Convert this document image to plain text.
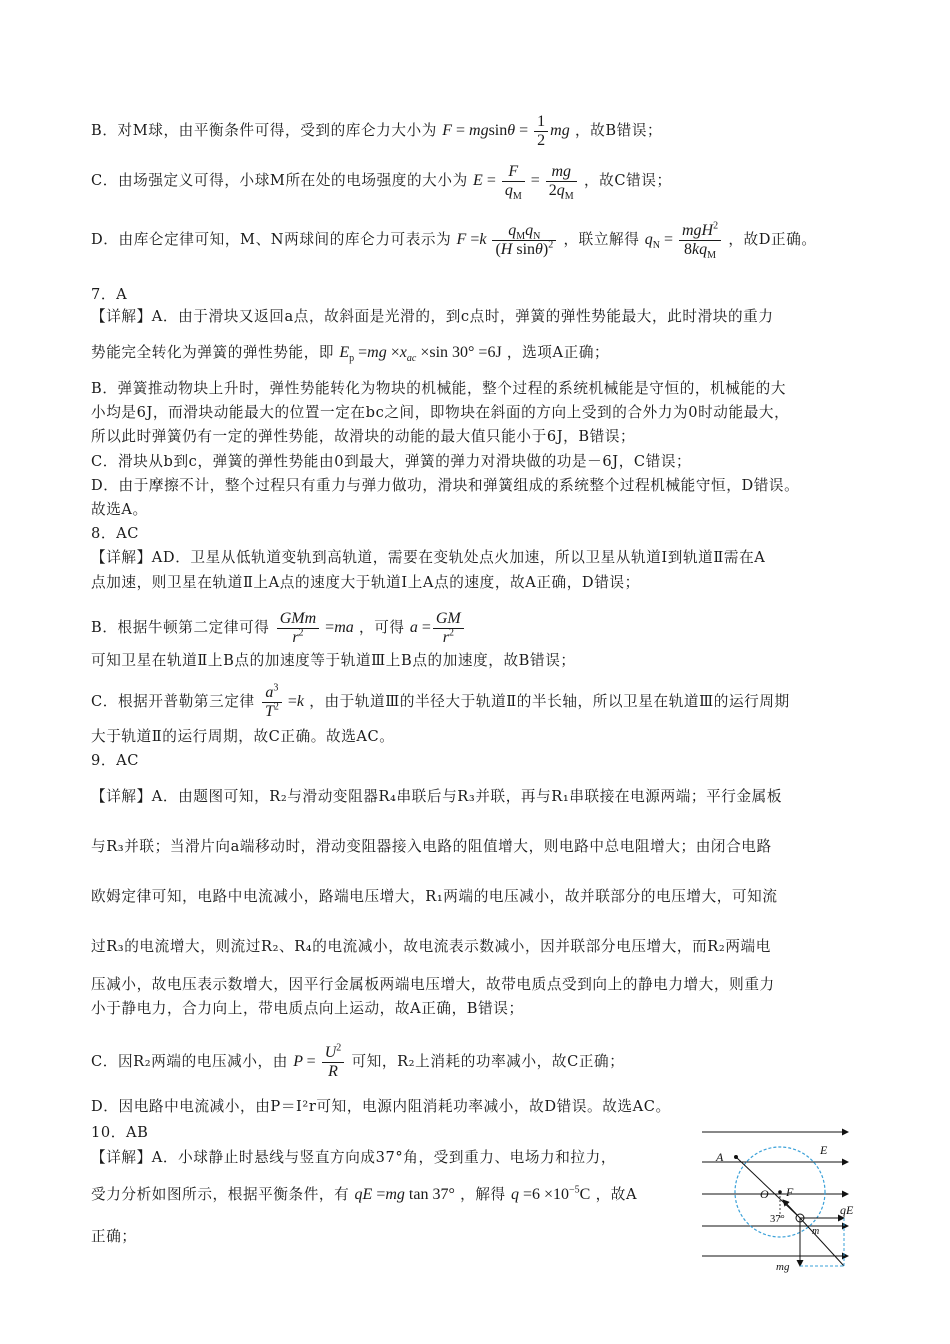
B．对M球，由平衡条件可得，受到的库仑力大小为 $F = mgsin\theta = \frac{1}{2}$ mg ，故B错误；
C．由场强定义可得，小球M所在处的电场强度的大小为 $E = \frac{F}{q_M} = \frac{mg}{2q_M}$ ，故C错误；
D．由库仑定律可知，M、N两球间的库仑力可表示为 $F =k \frac{q_Mq_N}{(H \sin\theta)^2}$ ，联立解得 $q_N = \frac{mgH^2}{8kq_M}$ ，故D正确。
7．A
【详解】A．由于滑块又返回a点，故斜面是光滑的，到c点时，弹簧的弹性势能最大，此时滑块的重力
势能完全转化为弹簧的弹性势能，即 $E_p =mg \times x_{ac} \times\sin$ 30° =6J ，选项A正确；
B．弹簧推动物块上升时，弹性势能转化为物块的机械能，整个过程的系统机械能是守恒的，机械能的大
小均是6J，而滑块动能最大的位置一定在bc之间，即物块在斜面的方向上受到的合外力为0时动能最大，
所以此时弹簧仍有一定的弹性势能，故滑块的动能的最大值只能小于6J，B错误；
C．滑块从b到c，弹簧的弹性势能由0到最大，弹簧的弹力对滑块做的功是－6J，C错误；
D．由于摩擦不计，整个过程只有重力与弹力做功，滑块和弹簧组成的系统整个过程机械能守恒，D错误。
故选A。
8．AC
【详解】AD．卫星从低轨道变轨到高轨道，需要在变轨处点火加速，所以卫星从轨道Ⅰ到轨道Ⅱ需在A
点加速，则卫星在轨道Ⅱ上A点的速度大于轨道Ⅰ上A点的速度，故A正确，D错误；
B．根据牛顿第二定律可得 $\frac{\text{GMm}}{r^2} =ma$ ，可得 $a = \frac{GM}{r^2}$
可知卫星在轨道Ⅱ上B点的加速度等于轨道Ⅲ上B点的加速度，故B错误；
C．根据开普勒第三定律 $\frac{a^3}{T^2} =k$ ，由于轨道Ⅲ的半径大于轨道Ⅱ的半长轴，所以卫星在轨道Ⅲ的运行周期
大于轨道Ⅱ的运行周期，故C正确。故选AC。
9．AC
【详解】A．由题图可知，R₂与滑动变阻器R₄串联后与R₃并联，再与R₁串联接在电源两端；平行金属板
与R₃并联；当滑片向a端移动时，滑动变阻器接入电路的阻值增大，则电路中总电阻增大；由闭合电路
欧姆定律可知，电路中电流减小，路端电压增大，R₁两端的电压减小，故并联部分的电压增大，可知流
过R₃的电流增大，则流过R₂、R₄的电流减小，故电流表示数减小，因并联部分电压增大，而R₂两端电
压减小，故电压表示数增大，因平行金属板两端电压增大，故带电质点受到向上的静电力增大，则重力
小于静电力，合力向上，带电质点向上运动，故A正确，B错误；
C．因R₂两端的电压减小，由 $P = \frac{U^2}{R}$ 可知，R₂上消耗的功率减小，故C正确；
D．因电路中电流减小，由P＝I²r可知，电源内阻消耗功率减小，故D错误。故选AC。
10．AB
【详解】A．小球静止时悬线与竖直方向成37°角，受到重力、电场力和拉力，
受力分析如图所示，根据平衡条件，有 qE =mg tan 37° ，解得 $q =6 \times 10^{-5}C$ ，故A
正确；
A	E
O F
37°
qE
m
mg
